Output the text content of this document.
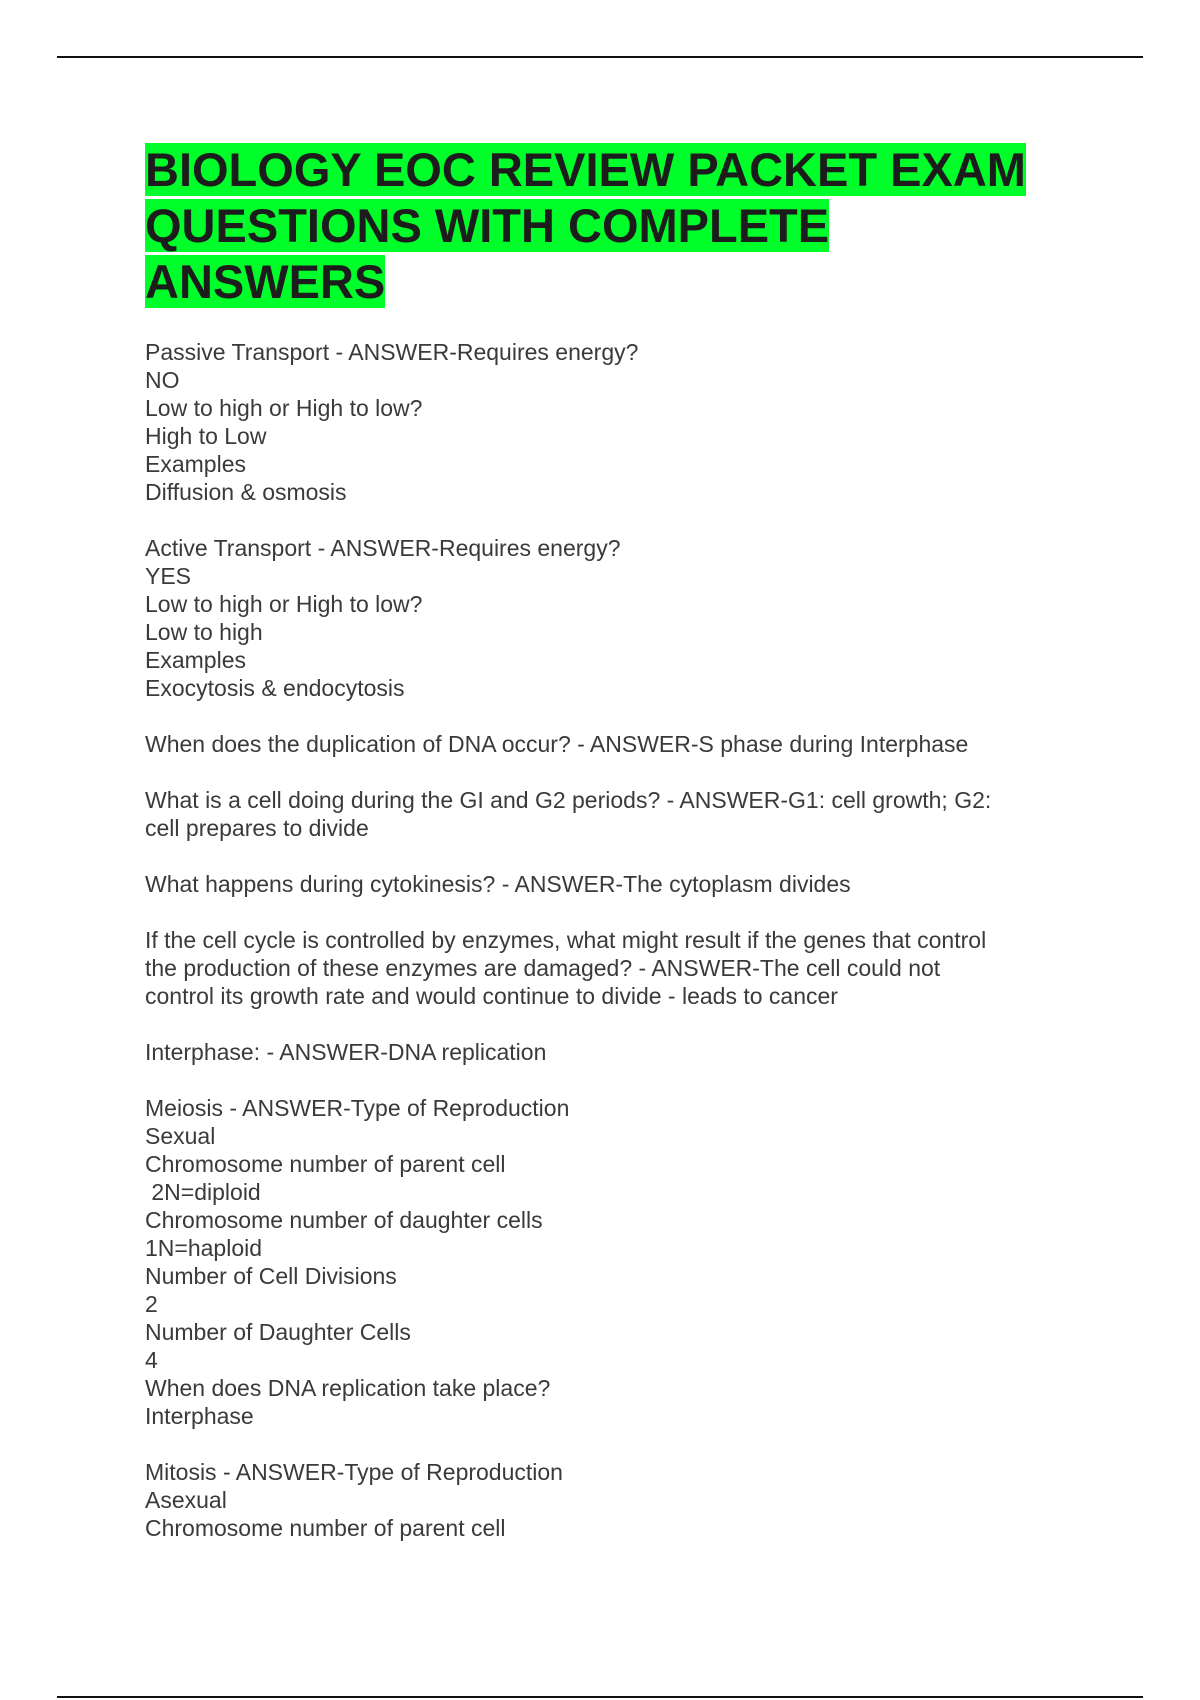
BIOLOGY EOC REVIEW PACKET EXAM
QUESTIONS WITH COMPLETE
ANSWERS
Passive Transport - ANSWER-Requires energy?
NO
Low to high or High to low?
High to Low
Examples
Diffusion & osmosis
Active Transport - ANSWER-Requires energy?
YES
Low to high or High to low?
Low to high
Examples
Exocytosis & endocytosis
When does the duplication of DNA occur? - ANSWER-S phase during Interphase
What is a cell doing during the GI and G2 periods? - ANSWER-G1: cell growth; G2:
cell prepares to divide
What happens during cytokinesis? - ANSWER-The cytoplasm divides
If the cell cycle is controlled by enzymes, what might result if the genes that control
the production of these enzymes are damaged? - ANSWER-The cell could not
control its growth rate and would continue to divide - leads to cancer
Interphase: - ANSWER-DNA replication
Meiosis - ANSWER-Type of Reproduction
Sexual
Chromosome number of parent cell
2N=diploid
Chromosome number of daughter cells
1N=haploid
Number of Cell Divisions
2
Number of Daughter Cells
4
When does DNA replication take place?
Interphase
Mitosis - ANSWER-Type of Reproduction
Asexual
Chromosome number of parent cell
